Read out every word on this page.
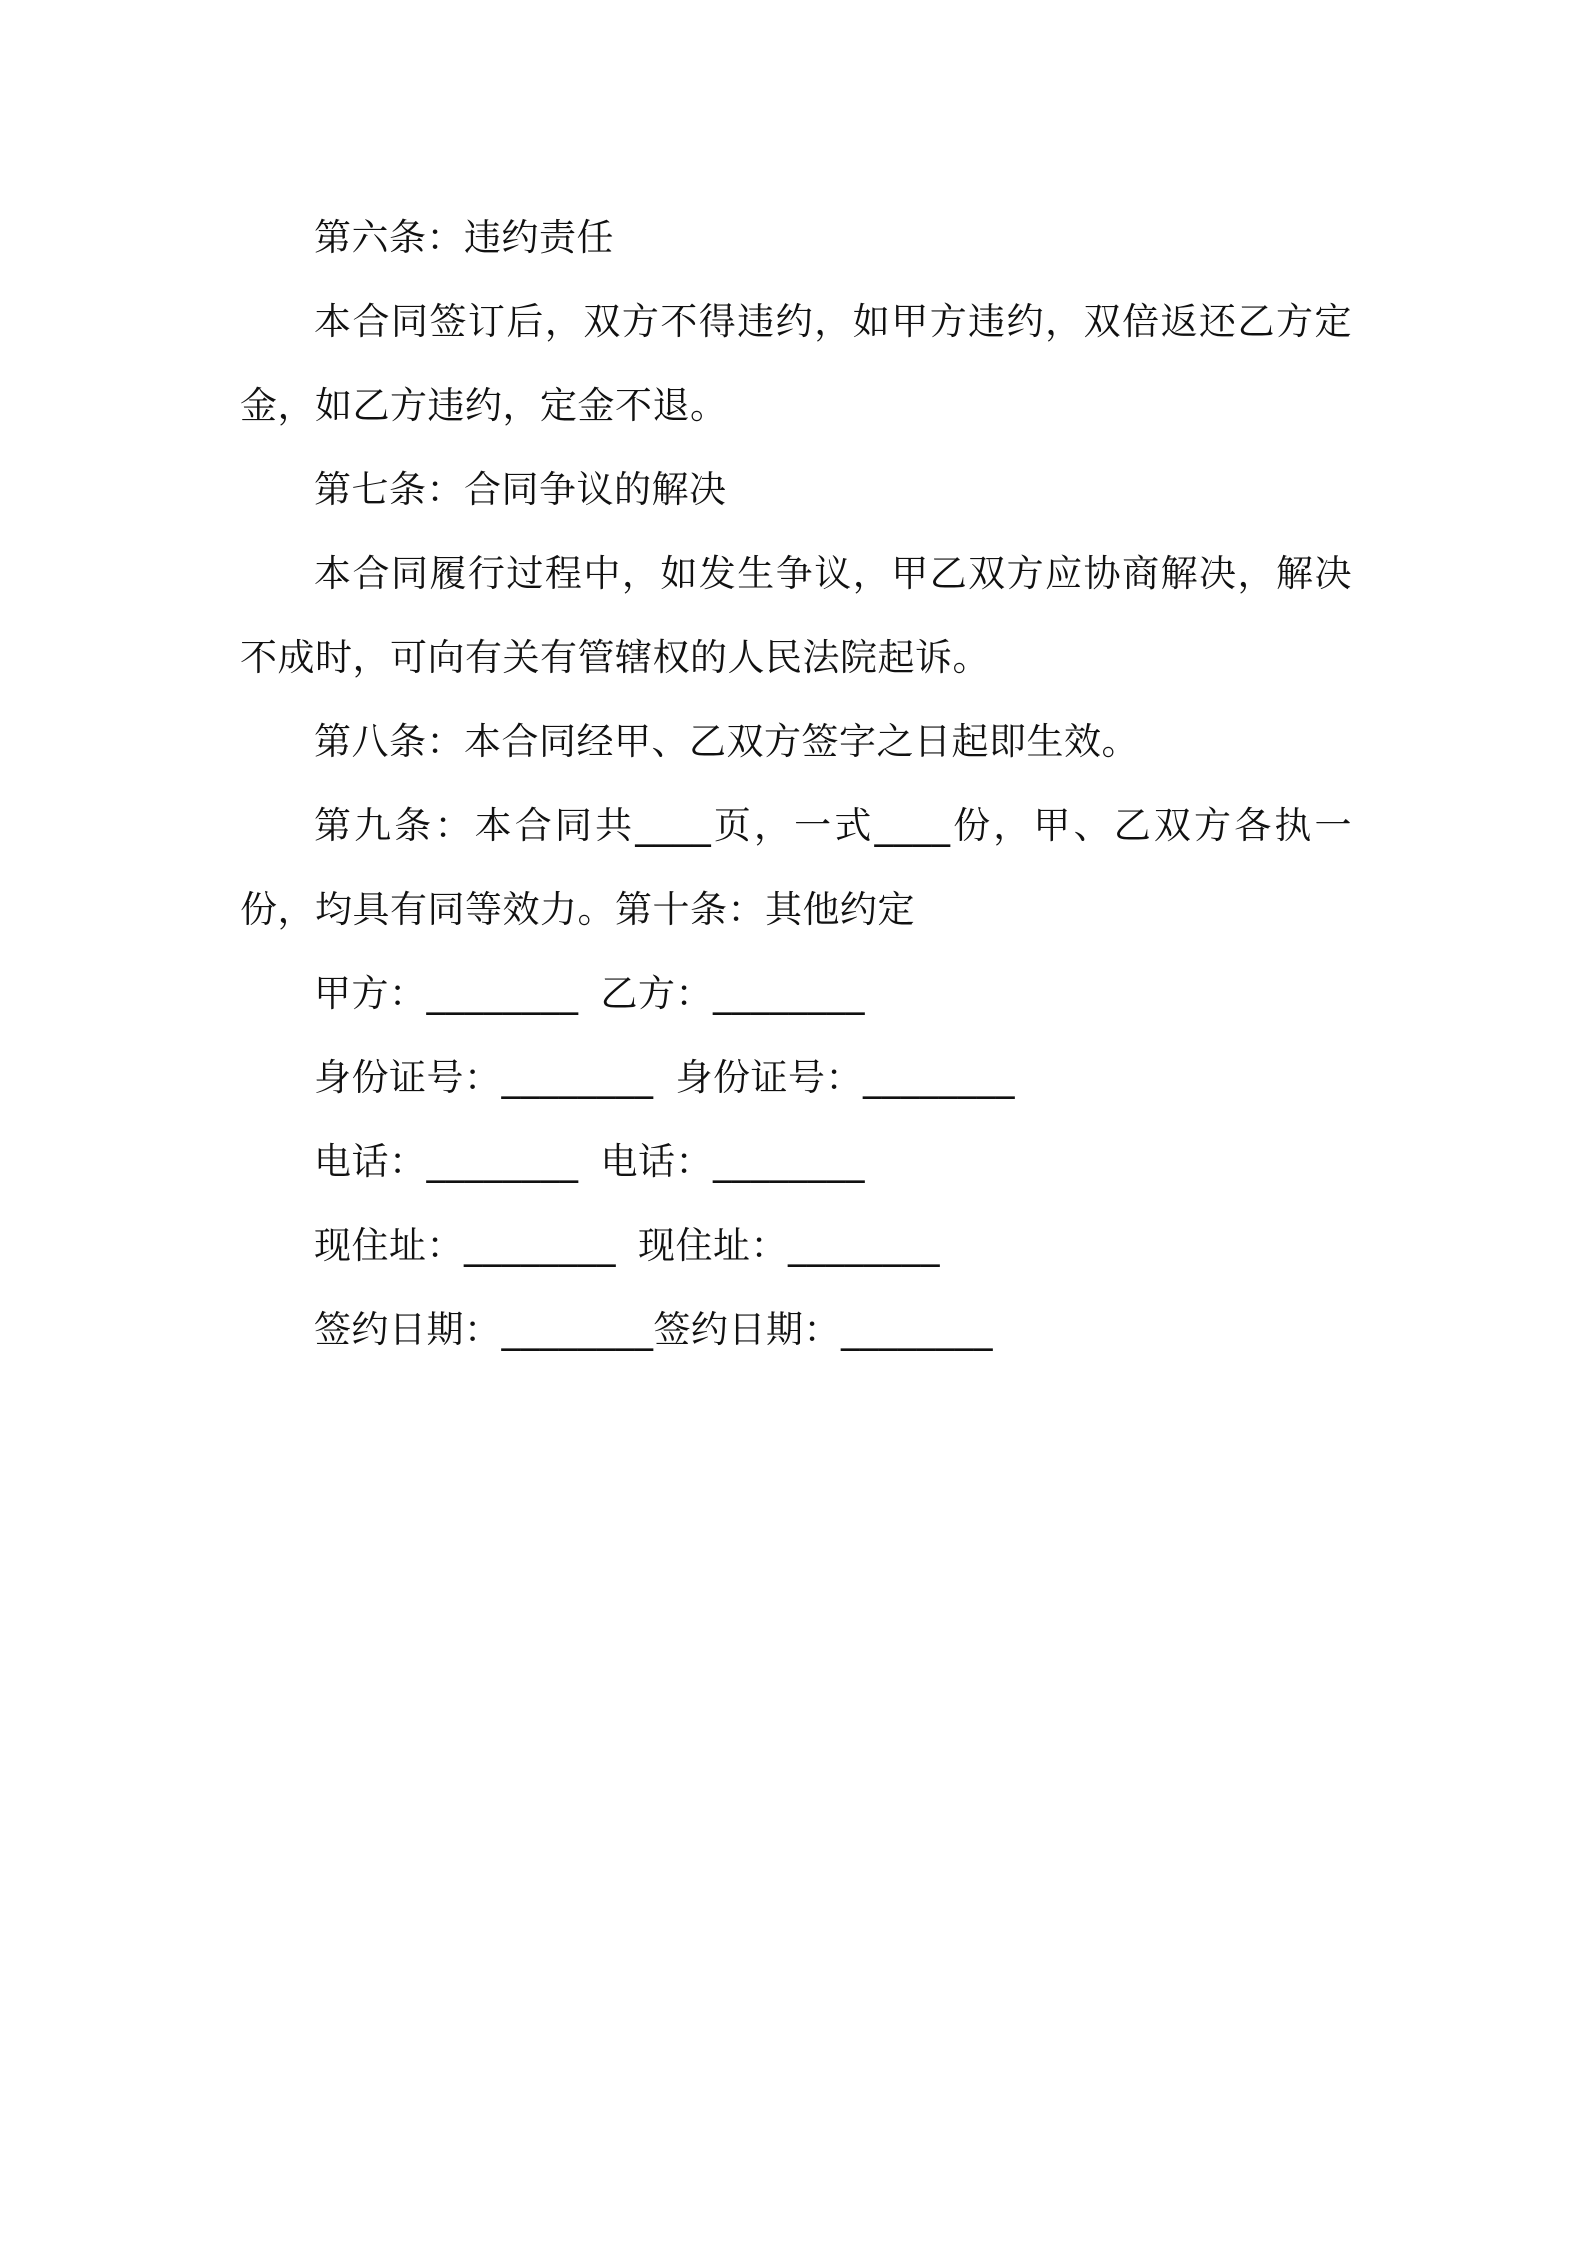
第六条：违约责任

本合同签订后，双方不得违约，如甲方违约，双倍返还乙方定金，如乙方违约，定金不退。

第七条：合同争议的解决

本合同履行过程中，如发生争议，甲乙双方应协商解决，解决不成时，可向有关有管辖权的人民法院起诉。

第八条：本合同经甲、乙双方签字之日起即生效。

第九条：本合同共____页，一式____份，甲、乙双方各执一份，均具有同等效力。第十条：其他约定

甲方：________ 乙方：________
身份证号：________ 身份证号：________
电话：________ 电话：________
现住址：________ 现住址：________
签约日期：________签约日期：________
